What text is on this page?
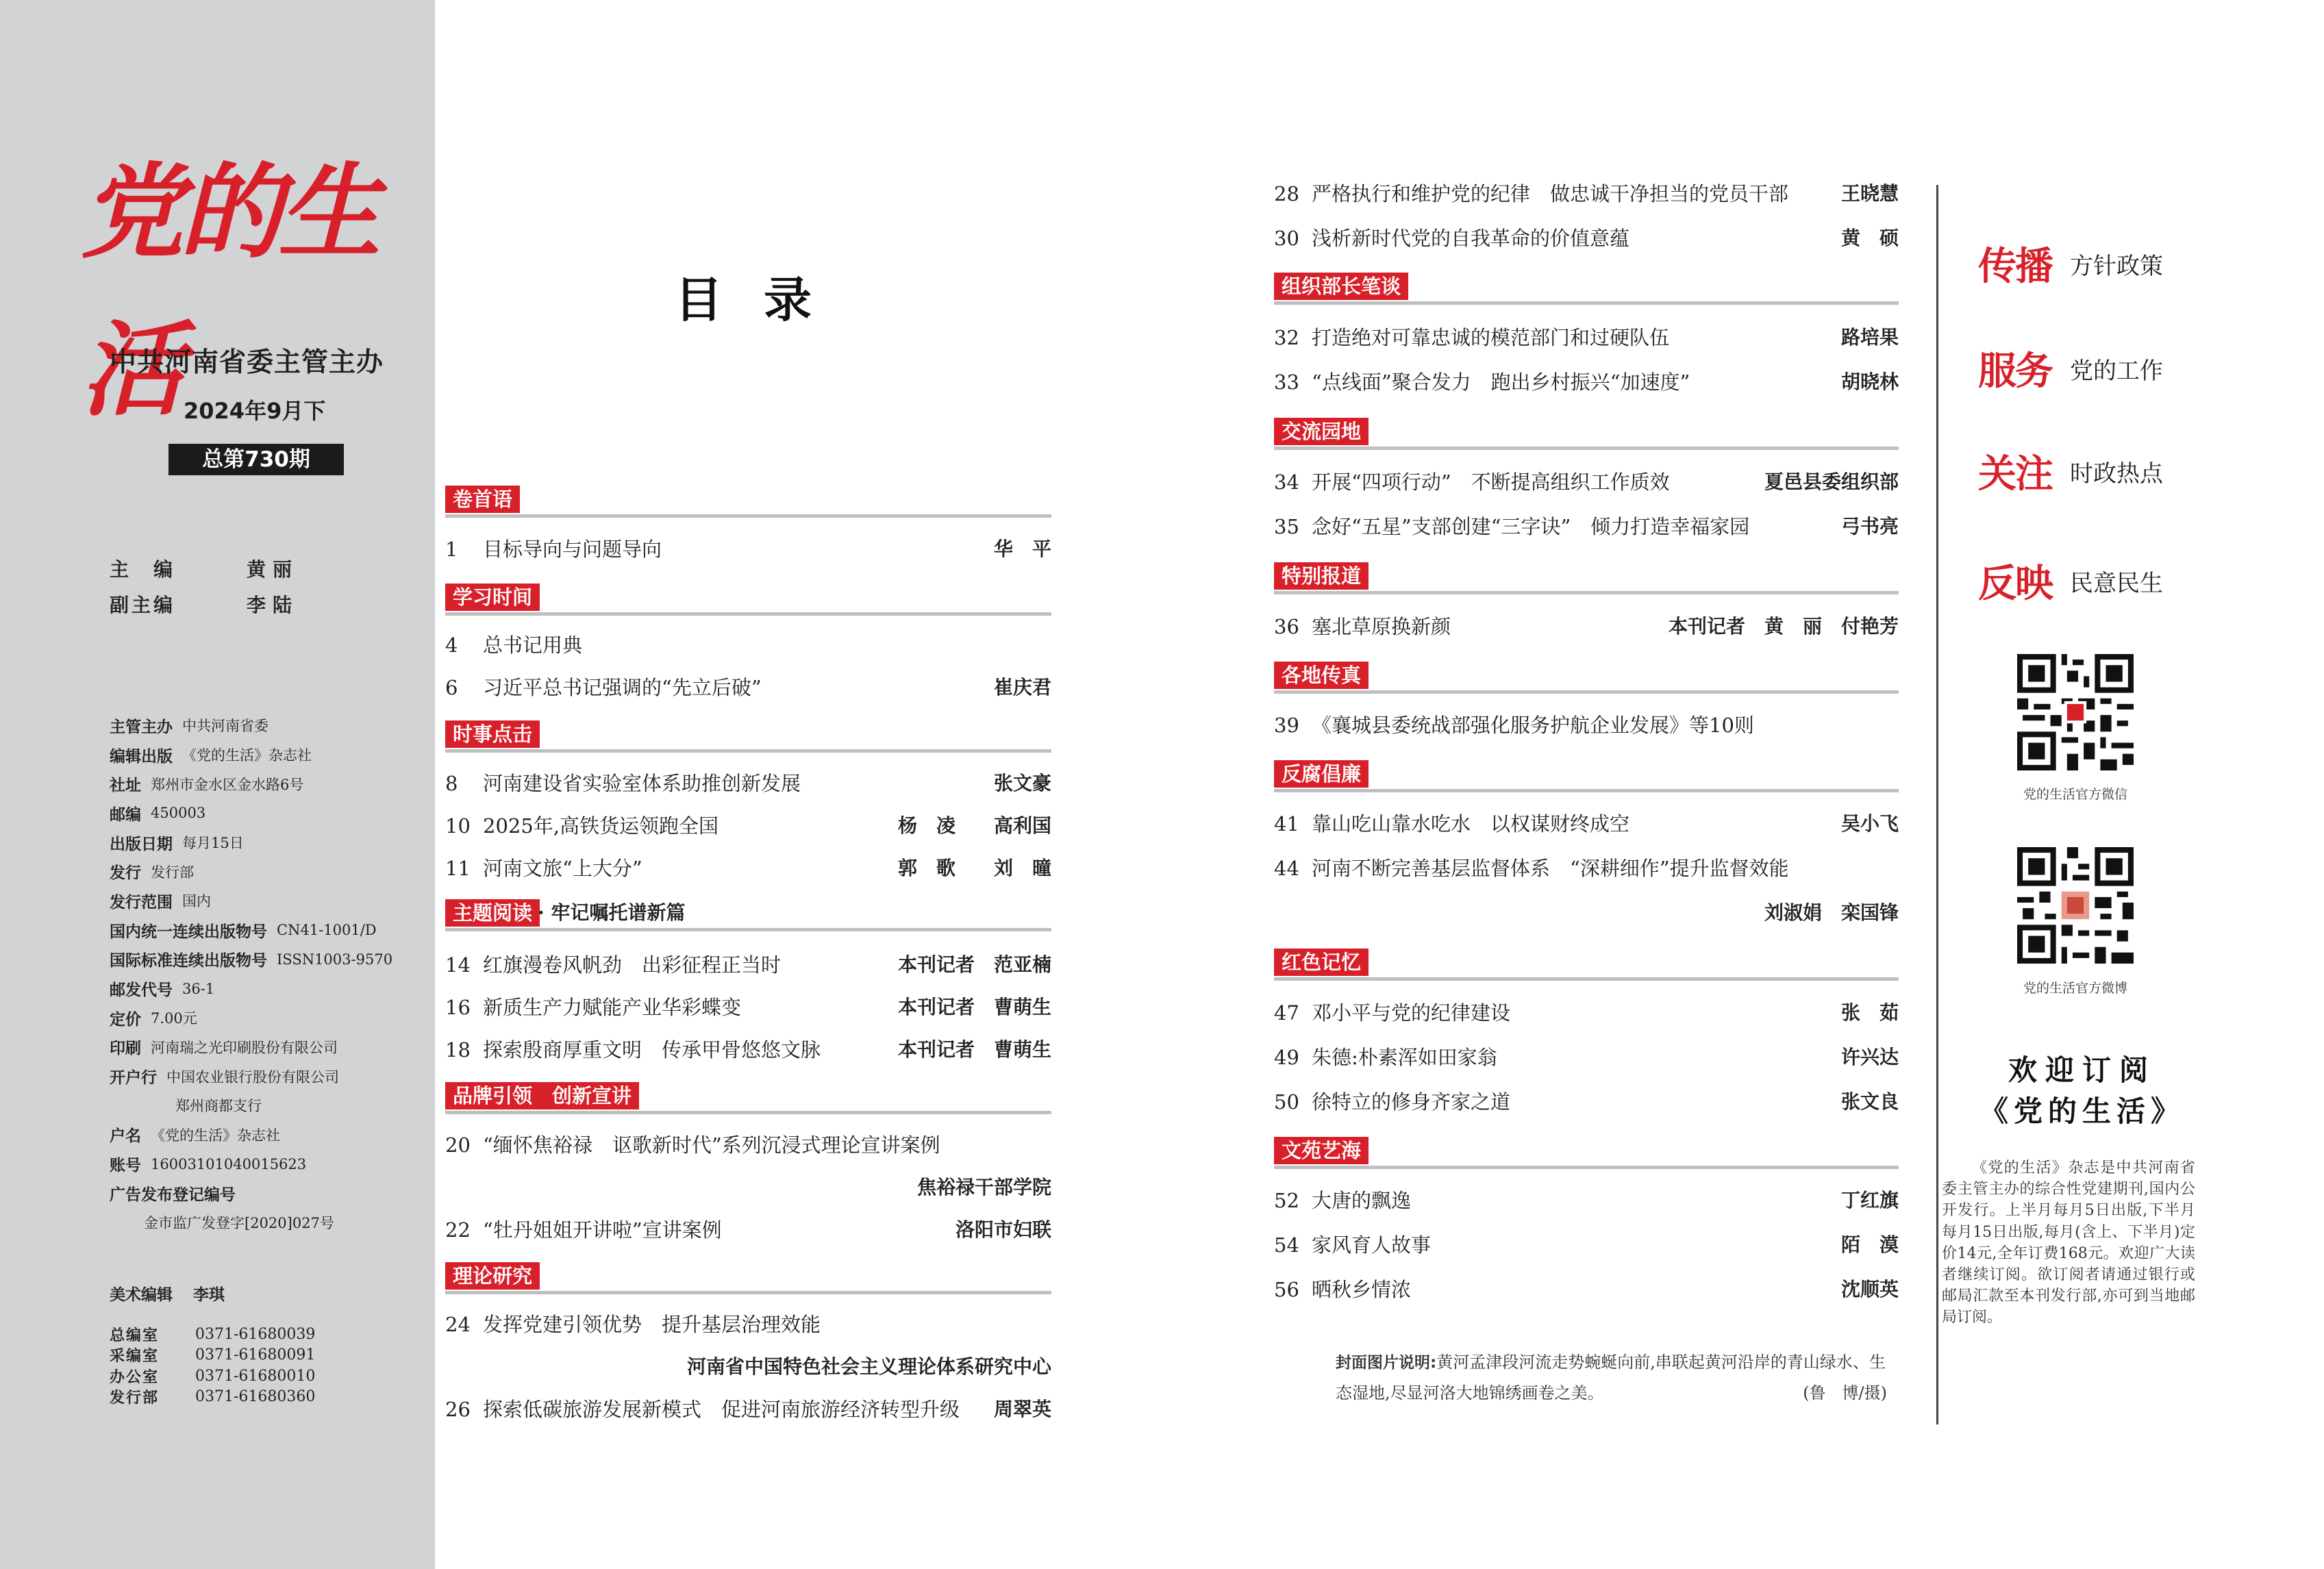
党的生活
中共河南省委主管主办
2024年9月下
总第730期
主　编	黄丽
副主编	李陆
主管主办 中共河南省委
编辑出版 《党的生活》杂志社
社址 郑州市金水区金水路6号
邮编 450003
出版日期 每月15日
发行 发行部
发行范围 国内
国内统一连续出版物号 CN41-1001/D
国际标准连续出版物号 ISSN1003-9570
邮发代号 36-1
定价 7.00元
印刷 河南瑞之光印刷股份有限公司
开户行 中国农业银行股份有限公司
郑州商都支行
户名 《党的生活》杂志社
账号 16003101040015623
广告发布登记编号
金市监广发登字[2020]027号
美术编辑 李琪
总编室	0371-61680039
采编室	0371-61680091
办公室	0371-61680010
发行部	0371-61680360
目录
卷首语
1	目标导向与问题导向	华　平
学习时间
4	总书记用典
6	习近平总书记强调的“先立后破”	崔庆君
时事点击
8	河南建设省实验室体系助推创新发展	张文豪
10 2025年,高铁货运领跑全国	杨　凌　　高利国
11 河南文旅“上大分”	郭　歌　　刘　曈
主题阅读 · 牢记嘱托谱新篇
14 红旗漫卷风帆劲　出彩征程正当时	本刊记者　范亚楠
16 新质生产力赋能产业华彩蝶变	本刊记者　曹萌生
18 探索殷商厚重文明　传承甲骨悠悠文脉	本刊记者　曹萌生
品牌引领　创新宣讲
20 “缅怀焦裕禄　讴歌新时代”系列沉浸式理论宣讲案例
焦裕禄干部学院
22 “牡丹姐姐开讲啦”宣讲案例	洛阳市妇联
理论研究
24 发挥党建引领优势　提升基层治理效能
河南省中国特色社会主义理论体系研究中心
26 探索低碳旅游发展新模式　促进河南旅游经济转型升级 周翠英
28 严格执行和维护党的纪律　做忠诚干净担当的党员干部	王晓慧
30 浅析新时代党的自我革命的价值意蕴	黄　硕
组织部长笔谈
32 打造绝对可靠忠诚的模范部门和过硬队伍	路培果
33 “点线面”聚合发力　跑出乡村振兴“加速度”	胡晓林
交流园地
34 开展“四项行动”　不断提高组织工作质效	夏邑县委组织部
35 念好“五星”支部创建“三字诀”　倾力打造幸福家园	弓书亮
特别报道
36 塞北草原换新颜	本刊记者　黄　丽　付艳芳
各地传真
39 《襄城县委统战部强化服务护航企业发展》等10则
反腐倡廉
41 靠山吃山靠水吃水　以权谋财终成空	吴小飞
44 河南不断完善基层监督体系　“深耕细作”提升监督效能
刘淑娟　栾国锋
红色记忆
47 邓小平与党的纪律建设	张　茹
49 朱德:朴素浑如田家翁	许兴达
50 徐特立的修身齐家之道	张文良
文苑艺海
52 大唐的飘逸	丁红旗
54 家风育人故事	陌　漠
56 晒秋乡情浓	沈顺英
封面图片说明:黄河孟津段河流走势蜿蜒向前,串联起黄河沿岸的青山绿水、生态湿地,尽显河洛大地锦绣画卷之美。	(鲁　博/摄)
传播 方针政策
服务 党的工作
关注 时政热点
反映 民意民生
党的生活官方微信
党的生活官方微博
欢迎订阅
《党的生活》
《党的生活》杂志是中共河南省委主管主办的综合性党建期刊,国内公开发行。上半月每月5日出版,下半月每月15日出版,每月(含上、下半月)定价14元,全年订费168元。欢迎广大读者继续订阅。欲订阅者请通过银行或邮局汇款至本刊发行部,亦可到当地邮局订阅。
